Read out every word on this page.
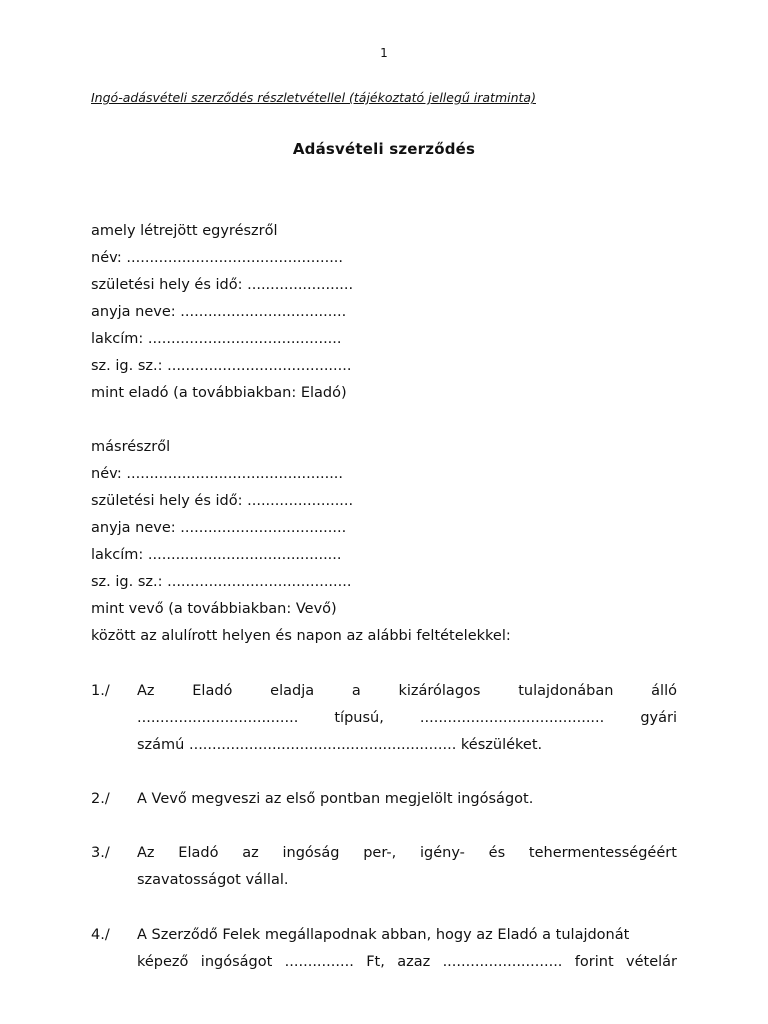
1
Ingó-adásvételi szerződés részletvétellel (tájékoztató jellegű iratminta)
Adásvételi szerződés
amely létrejött egyrészről
név: ...............................................
születési hely és idő: .......................
anyja neve: ....................................
lakcím: ..........................................
sz. ig. sz.: ........................................
mint eladó (a továbbiakban: Eladó)
másrészről
név: ...............................................
születési hely és idő: .......................
anyja neve: ....................................
lakcím: ..........................................
sz. ig. sz.: ........................................
mint vevő (a továbbiakban: Vevő)
között az alulírott helyen és napon az alábbi feltételekkel:
1./ Az	Eladó	eladja	a	kizárólagos	tulajdonában	álló
................................... típusú, ........................................ gyári
számú .......................................................... készüléket.
2./ A Vevő megveszi az első pontban megjelölt ingóságot.
3./ Az Eladó az ingóság per-, igény- és tehermentességéért
szavatosságot vállal.
4./ A Szerződő Felek megállapodnak abban, hogy az Eladó a tulajdonát
képező ingóságot ............... Ft, azaz .......................... forint vételár
